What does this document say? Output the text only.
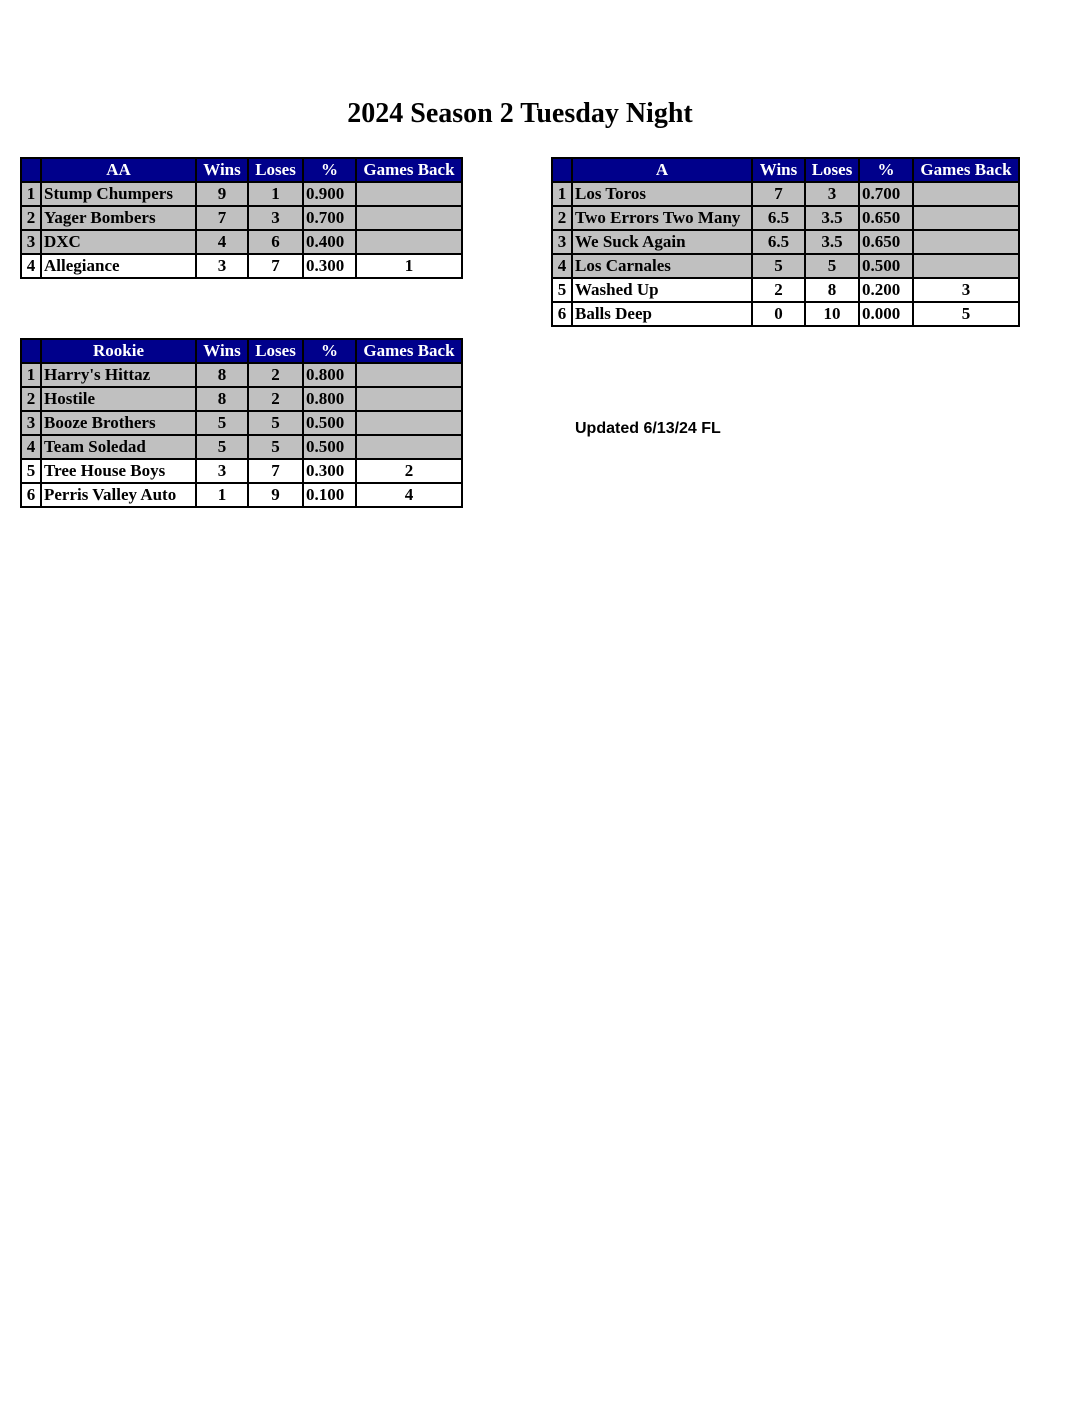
2024 Season 2 Tuesday Night
	AA	Wins	Loses	%	Games Back
1	Stump Chumpers	9	1	0.900	
2	Yager Bombers	7	3	0.700	
3	DXC	4	6	0.400	
4	Allegiance	3	7	0.300	1
	A	Wins	Loses	%	Games Back
1	Los Toros	7	3	0.700	
2	Two Errors Two Many	6.5	3.5	0.650	
3	We Suck Again	6.5	3.5	0.650	
4	Los Carnales	5	5	0.500	
5	Washed Up	2	8	0.200	3
6	Balls Deep	0	10	0.000	5
	Rookie	Wins	Loses	%	Games Back
1	Harry's Hittaz	8	2	0.800	
2	Hostile	8	2	0.800	
3	Booze Brothers	5	5	0.500	
4	Team Soledad	5	5	0.500	
5	Tree House Boys	3	7	0.300	2
6	Perris Valley Auto	1	9	0.100	4
Updated 6/13/24 FL
